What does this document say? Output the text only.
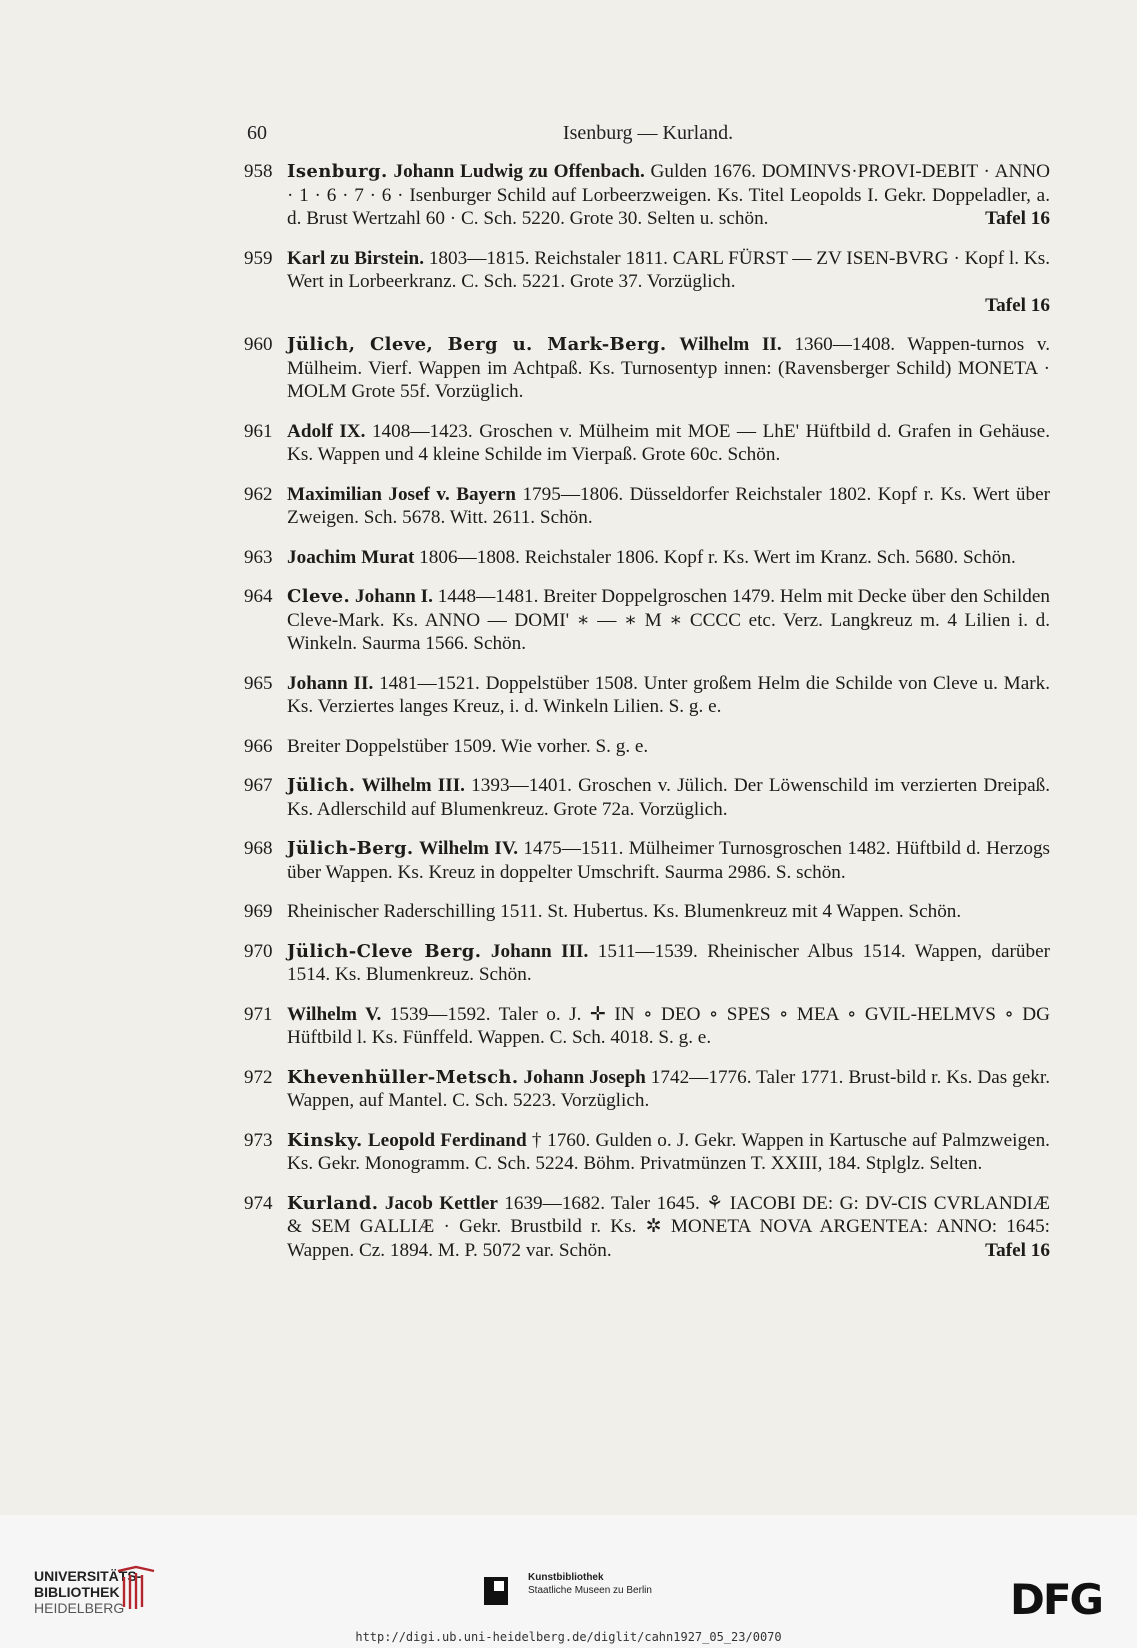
60	Isenburg — Kurland.
958 Isenburg. Johann Ludwig zu Offenbach. Gulden 1676. DOMINVS·PROVI-DEBIT · ANNO · 1 · 6 · 7 · 6 · Isenburger Schild auf Lorbeerzweigen. Ks. Titel Leopolds I. Gekr. Doppeladler, a. d. Brust Wertzahl 60 · C. Sch. 5220. Grote 30. Selten u. schön.	Tafel 16
959 Karl zu Birstein. 1803—1815. Reichstaler 1811. CARL FÜRST — ZV ISEN-BVRG · Kopf l. Ks. Wert in Lorbeerkranz. C. Sch. 5221. Grote 37. Vorzüglich.
Tafel 16
960 Jülich, Cleve, Berg u. Mark-Berg. Wilhelm II. 1360—1408. Wappen-turnos v. Mülheim. Vierf. Wappen im Achtpaß. Ks. Turnosentyp innen: (Ravensberger Schild) MONETA · MOLM Grote 55f. Vorzüglich.
961 Adolf IX. 1408—1423. Groschen v. Mülheim mit MOE — LhE' Hüftbild d. Grafen in Gehäuse. Ks. Wappen und 4 kleine Schilde im Vierpaß. Grote 60c. Schön.
962 Maximilian Josef v. Bayern 1795—1806. Düsseldorfer Reichstaler 1802. Kopf r. Ks. Wert über Zweigen. Sch. 5678. Witt. 2611. Schön.
963 Joachim Murat 1806—1808. Reichstaler 1806. Kopf r. Ks. Wert im Kranz. Sch. 5680. Schön.
964 Cleve. Johann I. 1448—1481. Breiter Doppelgroschen 1479. Helm mit Decke über den Schilden Cleve-Mark. Ks. ANNO — DOMI' ∗ — ∗ M ∗ CCCC etc. Verz. Langkreuz m. 4 Lilien i. d. Winkeln. Saurma 1566. Schön.
965 Johann II. 1481—1521. Doppelstüber 1508. Unter großem Helm die Schilde von Cleve u. Mark. Ks. Verziertes langes Kreuz, i. d. Winkeln Lilien. S. g. e.
966 Breiter Doppelstüber 1509. Wie vorher. S. g. e.
967 Jülich. Wilhelm III. 1393—1401. Groschen v. Jülich. Der Löwenschild im verzierten Dreipaß. Ks. Adlerschild auf Blumenkreuz. Grote 72a. Vorzüglich.
968 Jülich-Berg. Wilhelm IV. 1475—1511. Mülheimer Turnosgroschen 1482. Hüftbild d. Herzogs über Wappen. Ks. Kreuz in doppelter Umschrift. Saurma 2986. S. schön.
969 Rheinischer Raderschilling 1511. St. Hubertus. Ks. Blumenkreuz mit 4 Wappen. Schön.
970 Jülich-Cleve Berg. Johann III. 1511—1539. Rheinischer Albus 1514. Wappen, darüber 1514. Ks. Blumenkreuz. Schön.
971 Wilhelm V. 1539—1592. Taler o. J. ✛ IN ∘ DEO ∘ SPES ∘ MEA ∘ GVIL-HELMVS ∘ DG Hüftbild l. Ks. Fünffeld. Wappen. C. Sch. 4018. S. g. e.
972 Khevenhüller-Metsch. Johann Joseph 1742—1776. Taler 1771. Brust-bild r. Ks. Das gekr. Wappen, auf Mantel. C. Sch. 5223. Vorzüglich.
973 Kinsky. Leopold Ferdinand † 1760. Gulden o. J. Gekr. Wappen in Kartusche auf Palmzweigen. Ks. Gekr. Monogramm. C. Sch. 5224. Böhm. Privatmünzen T. XXIII, 184. Stplglz. Selten.
974 Kurland. Jacob Kettler 1639—1682. Taler 1645. ⚘ IACOBI DE: G: DV-CIS CVRLANDIÆ & SEM GALLIÆ · Gekr. Brustbild r. Ks. ✲ MONETA NOVA ARGENTEA: ANNO: 1645: Wappen. Cz. 1894. M. P. 5072 var. Schön.	Tafel 16
UNIVERSITÄTS-
BIBLIOTHEK
HEIDELBERG
Kunstbibliothek
Staatliche Museen zu Berlin	DFG
http://digi.ub.uni-heidelberg.de/diglit/cahn1927_05_23/0070
